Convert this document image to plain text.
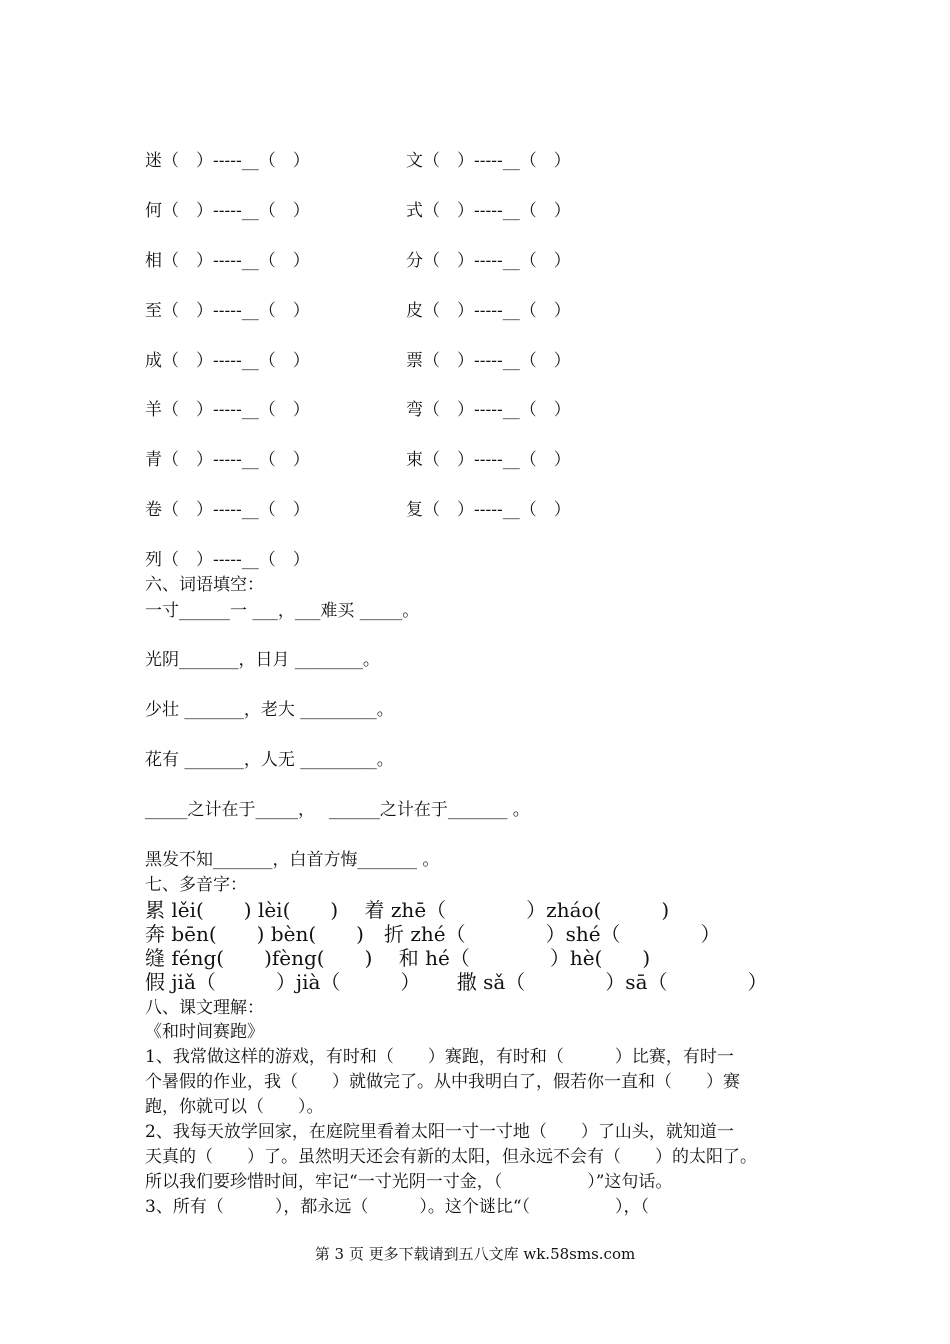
迷（　）-----__（　）
何（　）-----__（　）
相（　）-----__（　）
至（　）-----__（　）
成（　）-----__（　）
羊（　）-----__（　）
青（　）-----__（　）
卷（　）-----__（　）
列（　）-----__（　）
文（　）-----__（　）
式（　）-----__（　）
分（　）-----__（　）
皮（　）-----__（　）
票（　）-----__（　）
弯（　）-----__（　）
束（　）-----__（　）
复（　）-----__（　）
六、词语填空：
一寸______一 ___，___难买 _____。
光阴_______，日月 ________。
少壮 _______，老大 _________。
花有 _______，人无 _________。
_____之计在于_____，　 ______之计在于_______ 。
黑发不知_______，白首方悔_______ 。
七、多音字：
累 lěi(　　) lèi(　　)　 着 zhē（　　　　）zháo(　　　)
奔 bēn(　　) bèn(　　)　折 zhé（　　　　）shé（　　　　）
缝 féng(　　)fèng(　　)　 和 hé（　　　　）hè(　　)
假 jiǎ（　　　）jià（　　　）　　 撒 sǎ（　　　　）sā（　　　　）
八、课文理解：
《和时间赛跑》
1、我常做这样的游戏，有时和（　　）赛跑，有时和（　　　）比赛，有时一
个暑假的作业，我（　　）就做完了。从中我明白了，假若你一直和（　　）赛
跑，你就可以（　　）。
2、我每天放学回家，在庭院里看着太阳一寸一寸地（　　）了山头，就知道一
天真的（　　）了。虽然明天还会有新的太阳，但永远不会有（　　）的太阳了。
所以我们要珍惜时间，牢记“一寸光阴一寸金，（　　　　　）”这句话。
3、所有（　　　），都永远（　　　）。这个谜比“（　　　　　），（
第 3 页 更多下载请到五八文库 wk.58sms.com
